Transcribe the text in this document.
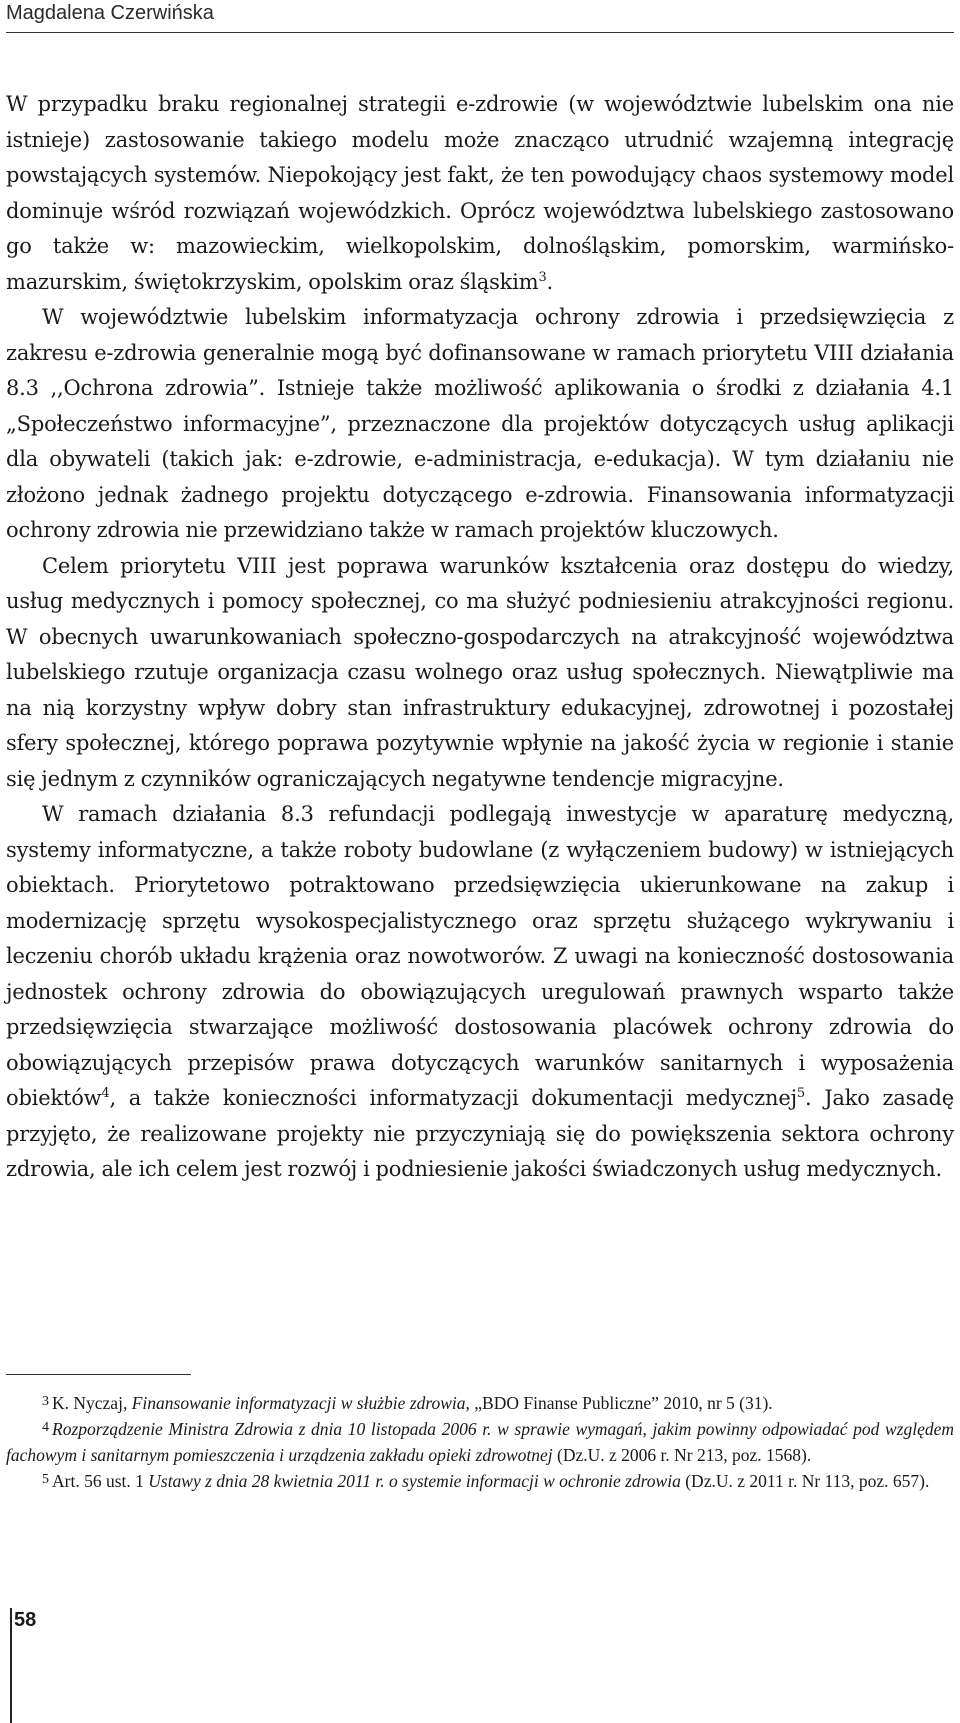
Magdalena Czerwińska

W przypadku braku regionalnej strategii e-zdrowie (w województwie lubelskim ona nie istnieje) zastosowanie takiego modelu może znacząco utrudnić wzajemną integrację powstających systemów. Niepokojący jest fakt, że ten powodujący chaos systemowy model dominuje wśród rozwiązań wojewódzkich. Oprócz województwa lubelskiego zastosowano go także w: mazowieckim, wielkopolskim, dolnośląskim, pomorskim, warmińsko-mazurskim, świętokrzyskim, opolskim oraz śląskim$^3$.

W województwie lubelskim informatyzacja ochrony zdrowia i przedsięwzięcia z zakresu e-zdrowia generalnie mogą być dofinansowane w ramach priorytetu VIII działania 8.3 ,,Ochrona zdrowia”. Istnieje także możliwość aplikowania o środki z działania 4.1 „Społeczeństwo informacyjne”, przeznaczone dla projektów dotyczących usług aplikacji dla obywateli (takich jak: e-zdrowie, e-administracja, e-edukacja). W tym działaniu nie złożono jednak żadnego projektu dotyczącego e-zdrowia. Finansowania informatyzacji ochrony zdrowia nie przewidziano także w ramach projektów kluczowych.

Celem priorytetu VIII jest poprawa warunków kształcenia oraz dostępu do wiedzy, usług medycznych i pomocy społecznej, co ma służyć podniesieniu atrakcyjności regionu. W obecnych uwarunkowaniach społeczno-gospodarczych na atrakcyjność województwa lubelskiego rzutuje organizacja czasu wolnego oraz usług społecznych. Niewątpliwie ma na nią korzystny wpływ dobry stan infrastruktury edukacyjnej, zdrowotnej i pozostałej sfery społecznej, którego poprawa pozytywnie wpłynie na jakość życia w regionie i stanie się jednym z czynników ograniczających negatywne tendencje migracyjne.

W ramach działania 8.3 refundacji podlegają inwestycje w aparaturę medyczną, systemy informatyczne, a także roboty budowlane (z wyłączeniem budowy) w istniejących obiektach. Priorytetowo potraktowano przedsięwzięcia ukierunkowane na zakup i modernizację sprzętu wysokospecjalistycznego oraz sprzętu służącego wykrywaniu i leczeniu chorób układu krążenia oraz nowotworów. Z uwagi na konieczność dostosowania jednostek ochrony zdrowia do obowiązujących uregulowań prawnych wsparto także przedsięwzięcia stwarzające możliwość dostosowania placówek ochrony zdrowia do obowiązujących przepisów prawa dotyczących warunków sanitarnych i wyposażenia obiektów$^4$, a także konieczności informatyzacji dokumentacji medycznej$^5$. Jako zasadę przyjęto, że realizowane projekty nie przyczyniają się do powiększenia sektora ochrony zdrowia, ale ich celem jest rozwój i podniesienie jakości świadczonych usług medycznych.

$^3$ K. Nyczaj, Finansowanie informatyzacji w służbie zdrowia, „BDO Finanse Publiczne” 2010, nr 5 (31).

$^4$ Rozporządzenie Ministra Zdrowia z dnia 10 listopada 2006 r. w sprawie wymagań, jakim powinny odpowiadać pod względem fachowym i sanitarnym pomieszczenia i urządzenia zakładu opieki zdrowotnej (Dz.U. z 2006 r. Nr 213, poz. 1568).

$^5$ Art. 56 ust. 1 Ustawy z dnia 28 kwietnia 2011 r. o systemie informacji w ochronie zdrowia (Dz.U. z 2011 r. Nr 113, poz. 657).

58
